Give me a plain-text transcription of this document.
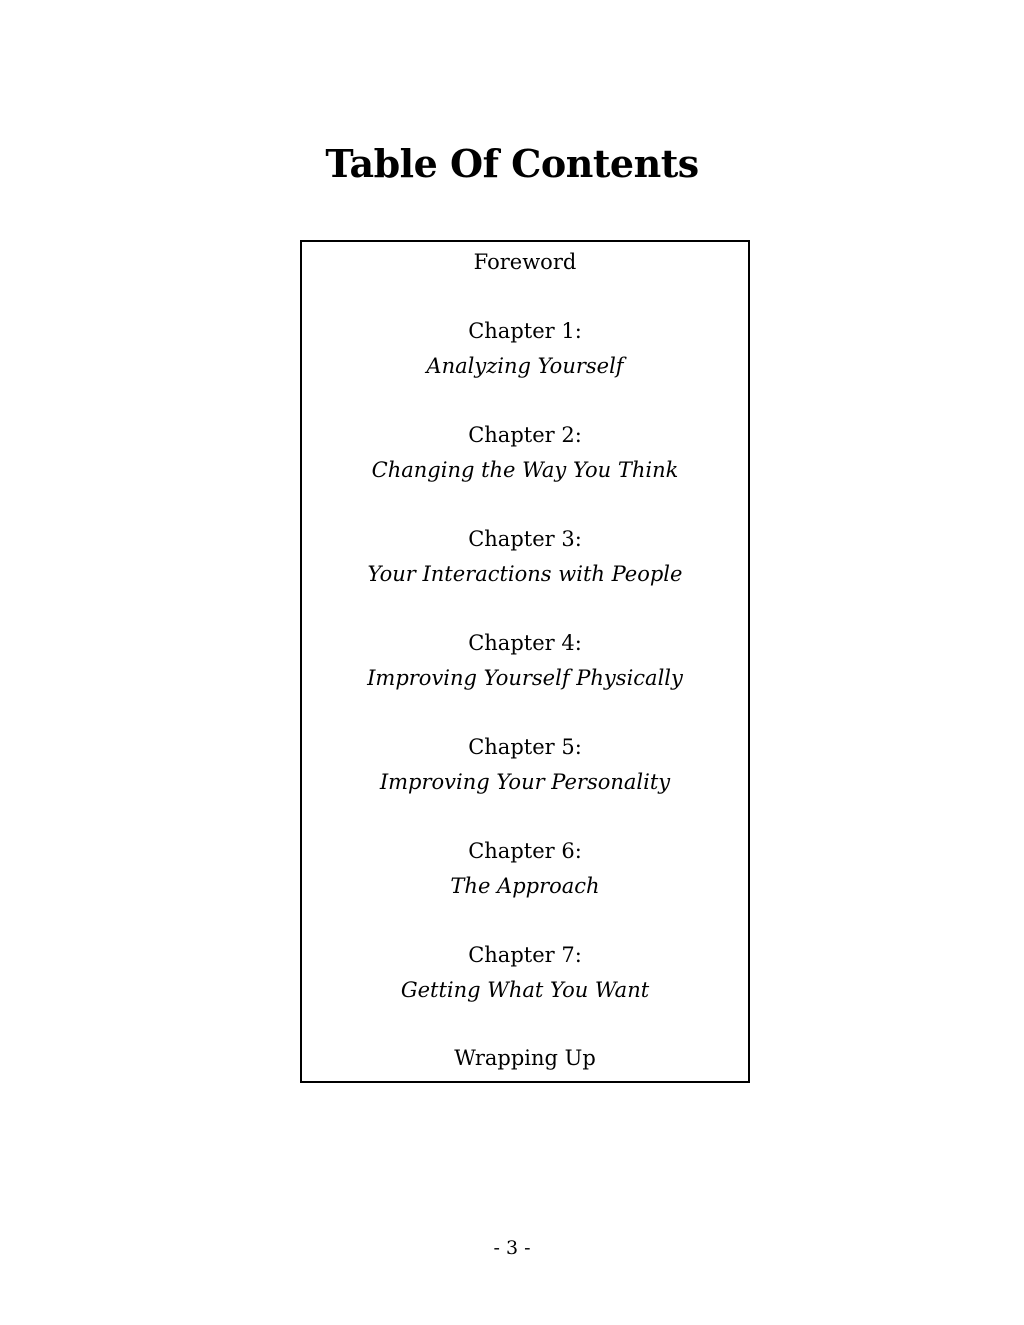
Table Of Contents
Foreword
Chapter 1:
Analyzing Yourself
Chapter 2:
Changing the Way You Think
Chapter 3:
Your Interactions with People
Chapter 4:
Improving Yourself Physically
Chapter 5:
Improving Your Personality
Chapter 6:
The Approach
Chapter 7:
Getting What You Want
Wrapping Up
- 3 -
